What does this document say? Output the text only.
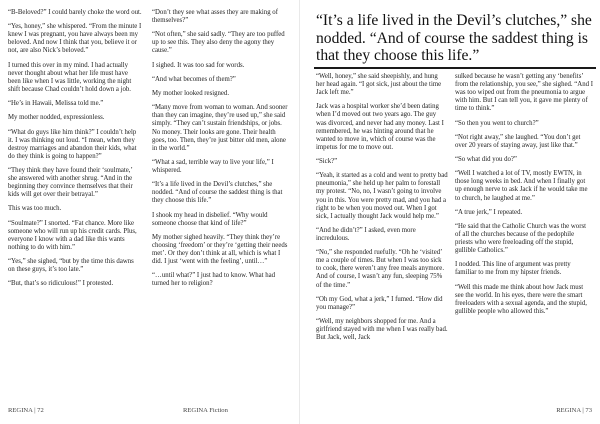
“B-Beloved?” I could barely choke the word out.

“Yes, honey,” she whispered. “From the minute I knew I was pregnant, you have always been my beloved. And now I think that you, believe it or not, are also Nick’s beloved.”

I turned this over in my mind. I had actually never thought about what her life must have been like when I was little, working the night shift because Chad couldn’t hold down a job.

“He’s in Hawaii, Melissa told me.”

My mother nodded, expressionless.

“What do guys like him think?” I couldn’t help it. I was thinking out loud. “I mean, when they destroy marriages and abandon their kids, what do they think is going to happen?”

“They think they have found their ‘soulmate,’ she answered with another shrug. “And in the beginning they convince themselves that their kids will get over their betrayal.”

This was too much.

“Soulmate?” I snorted. “Fat chance. More like someone who will run up his credit cards. Plus, everyone I know with a dad like this wants nothing to do with him.”

“Yes,” she sighed, “but by the time this dawns on these guys, it’s too late.”

“But, that’s so ridiculous!” I protested.

“Don’t they see what asses they are making of themselves?”

“Not often,” she said sadly. “They are too puffed up to see this. They also deny the agony they cause.”

I sighed. It was too sad for words.

“And what becomes of them?”

My mother looked resigned.

“Many move from woman to woman. And sooner than they can imagine, they’re used up,” she said simply. “They can’t sustain friendships, or jobs. No money. Their looks are gone. Their health goes, too. Then, they’re just bitter old men, alone in the world.”

“What a sad, terrible way to live your life,” I whispered.

“It’s a life lived in the Devil’s clutches,” she nodded. “And of course the saddest thing is that they choose this life.”

I shook my head in disbelief. “Why would someone choose that kind of life?”

My mother sighed heavily. “They think they’re choosing ‘freedom’ or they’re ‘getting their needs met’. Or they don’t think at all, which is what I did. I just ‘went with the feeling’, until…”

“…until what?” I just had to know. What had turned her to religion?

“It’s a life lived in the Devil’s clutches,” she nodded. “And of course the saddest thing is that they choose this life.”

“Well, honey,” she said sheepishly, and hung her head again. “I got sick, just about the time Jack left me.”

Jack was a hospital worker she’d been dating when I’d moved out two years ago. The guy was divorced, and never had any money. Last I remembered, he was hinting around that he wanted to move in, which of course was the impetus for me to move out.

“Sick?”

“Yeah, it started as a cold and went to pretty bad pneumonia,” she held up her palm to forestall my protest. “No, no, I wasn’t going to involve you in this. You were pretty mad, and you had a right to be when you moved out. When I got sick, I actually thought Jack would help me.”

“And he didn’t?” I asked, even more incredulous.

“No,” she responded ruefully. “Oh he ‘visited’ me a couple of times. But when I was too sick to cook, there weren’t any free meals anymore. And of course, I wasn’t any fun, sleeping 75% of the time.”

“Oh my God, what a jerk,” I fumed. “How did you manage?”

“Well, my neighbors shopped for me. And a girlfriend stayed with me when I was really bad. But Jack, well, Jack

sulked because he wasn’t getting any ‘benefits’ from the relationship, you see,” she sighed. “And I was too wiped out from the pneumonia to argue with him. But I can tell you, it gave me plenty of time to think.”

“So then you went to church?”

“Not right away,” she laughed. “You don’t get over 20 years of staying away, just like that.”

“So what did you do?”

“Well I watched a lot of TV, mostly EWTN, in those long weeks in bed. And when I finally got up enough nerve to ask Jack if he would take me to church, he laughed at me.”

“A true jerk,” I repeated.

“He said that the Catholic Church was the worst of all the churches because of the pedophile priests who were freeloading off the stupid, gullible Catholics.”

I nodded. This line of argument was pretty familiar to me from my hipster friends.

“Well this made me think about how Jack must see the world. In his eyes, there were the smart freeloaders with a sexual agenda, and the stupid, gullible people who allowed this.”

REGINA | 72	REGINA Fiction	REGINA | 73
